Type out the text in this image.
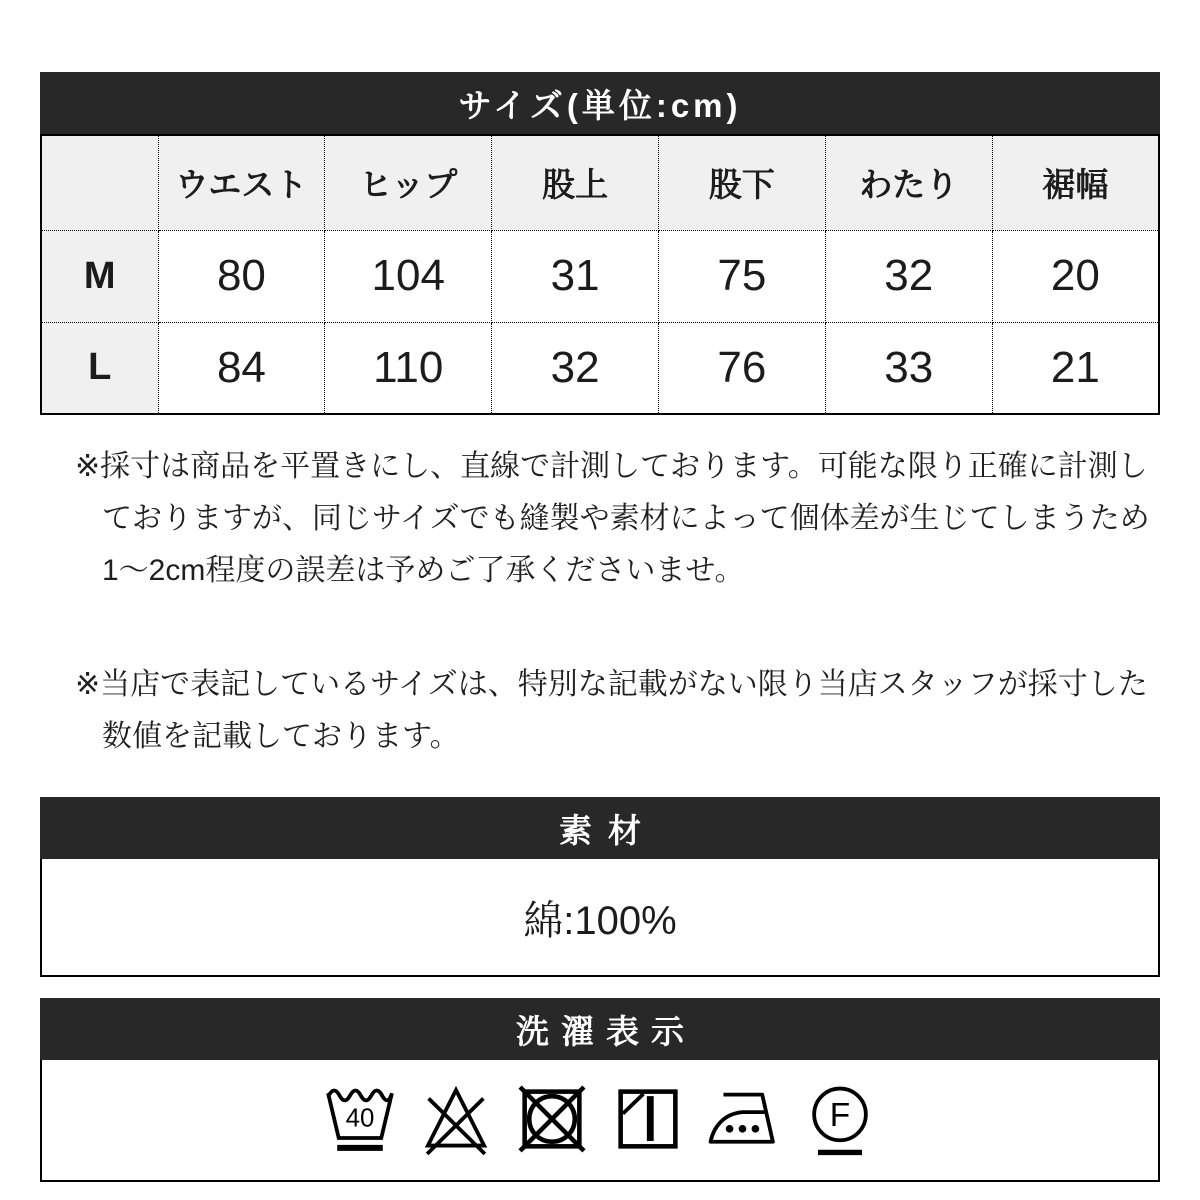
サイズ(単位:cm)
	ウエスト	ヒップ	股上	股下	わたり	裾幅
M	80	104	31	75	32	20
L	84	110	32	76	33	21
※採寸は商品を平置きにし、直線で計測しております。可能な限り正確に計測し
ておりますが、同じサイズでも縫製や素材によって個体差が生じてしまうため
1〜2cm程度の誤差は予めご了承くださいませ。
※当店で表記しているサイズは、特別な記載がない限り当店スタッフが採寸した
数値を記載しております。
素材
綿:100%
洗濯表示
40	F
